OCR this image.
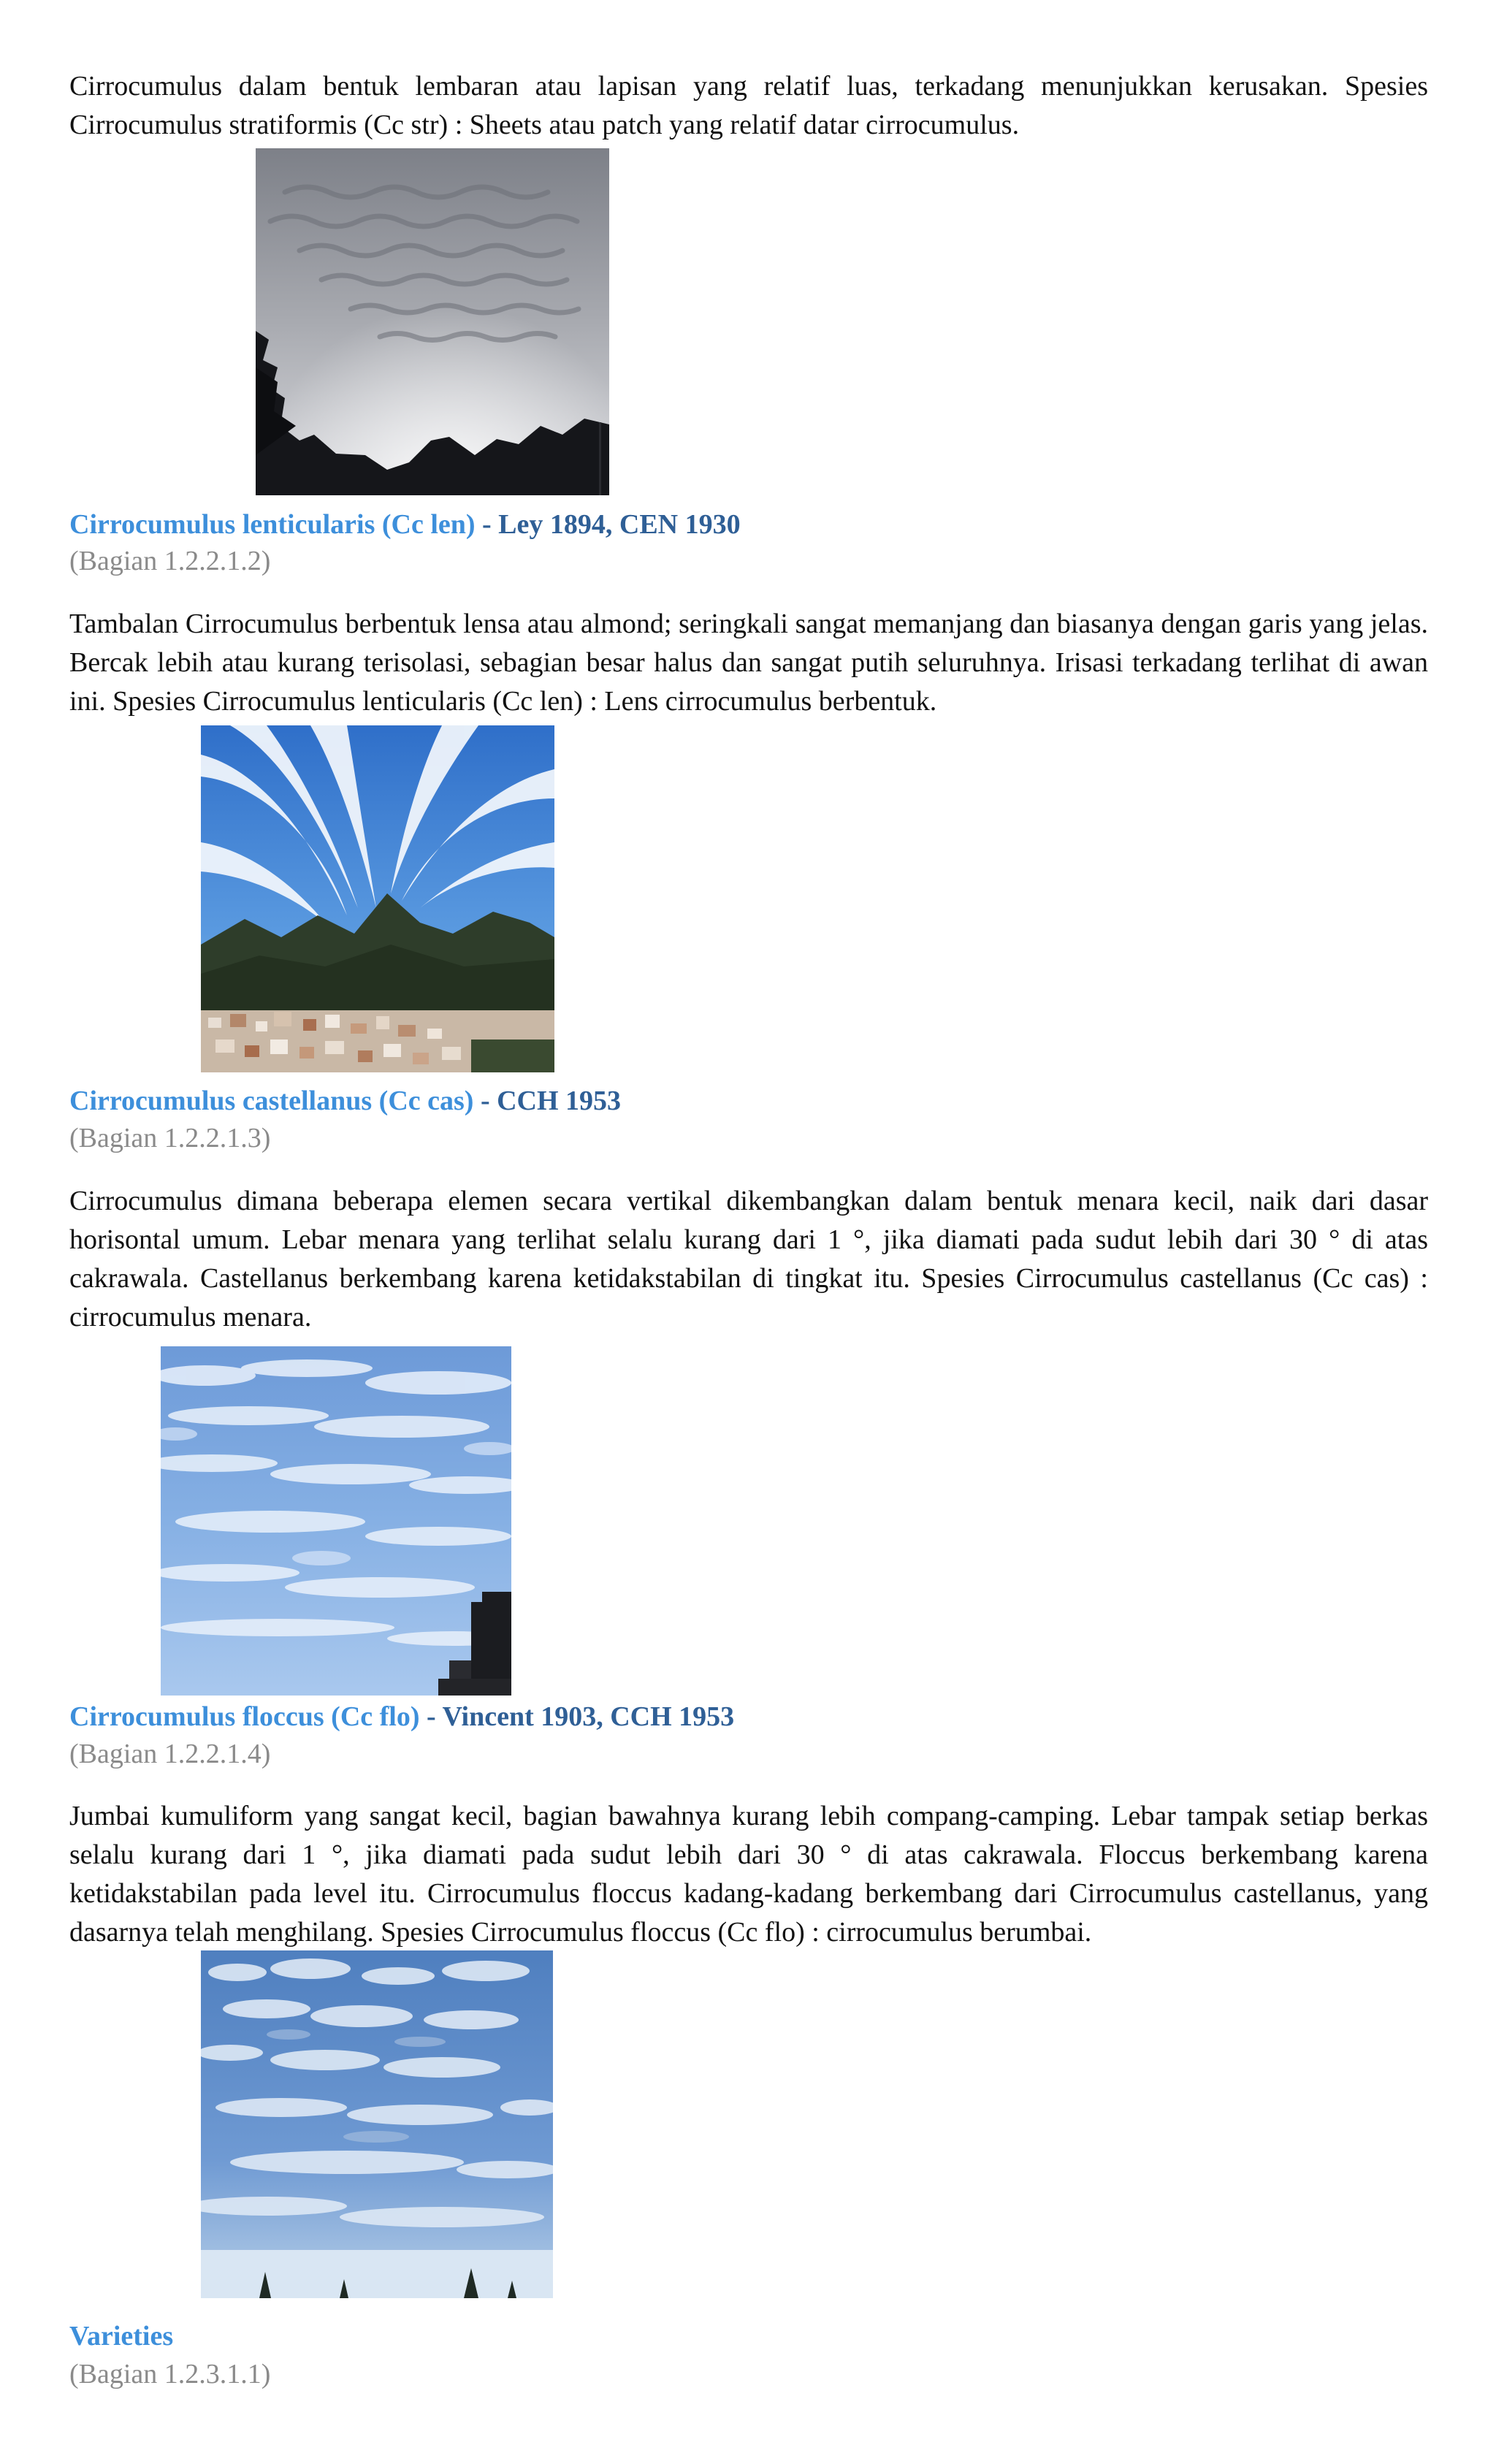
Cirrocumulus dalam bentuk lembaran atau lapisan yang relatif luas, terkadang menunjukkan kerusakan. Spesies Cirrocumulus stratiformis (Cc str) : Sheets atau patch yang relatif datar cirrocumulus.

Cirrocumulus lenticularis (Cc len) - Ley 1894, CEN 1930

(Bagian 1.2.2.1.2)

Tambalan Cirrocumulus berbentuk lensa atau almond; seringkali sangat memanjang dan biasanya dengan garis yang jelas. Bercak lebih atau kurang terisolasi, sebagian besar halus dan sangat putih seluruhnya. Irisasi terkadang terlihat di awan ini. Spesies Cirrocumulus lenticularis (Cc len) : Lens cirrocumulus berbentuk.

Cirrocumulus castellanus (Cc cas) - CCH 1953

(Bagian 1.2.2.1.3)

Cirrocumulus dimana beberapa elemen secara vertikal dikembangkan dalam bentuk menara kecil, naik dari dasar horisontal umum. Lebar menara yang terlihat selalu kurang dari 1 °, jika diamati pada sudut lebih dari 30 ° di atas cakrawala. Castellanus berkembang karena ketidakstabilan di tingkat itu. Spesies Cirrocumulus castellanus (Cc cas) : cirrocumulus menara.

Cirrocumulus floccus (Cc flo) - Vincent 1903, CCH 1953

(Bagian 1.2.2.1.4)

Jumbai kumuliform yang sangat kecil, bagian bawahnya kurang lebih compang-camping. Lebar tampak setiap berkas selalu kurang dari 1 °, jika diamati pada sudut lebih dari 30 ° di atas cakrawala. Floccus berkembang karena ketidakstabilan pada level itu. Cirrocumulus floccus kadang-kadang berkembang dari Cirrocumulus castellanus, yang dasarnya telah menghilang. Spesies Cirrocumulus floccus (Cc flo) : cirrocumulus berumbai.

Varieties

(Bagian 1.2.3.1.1)
